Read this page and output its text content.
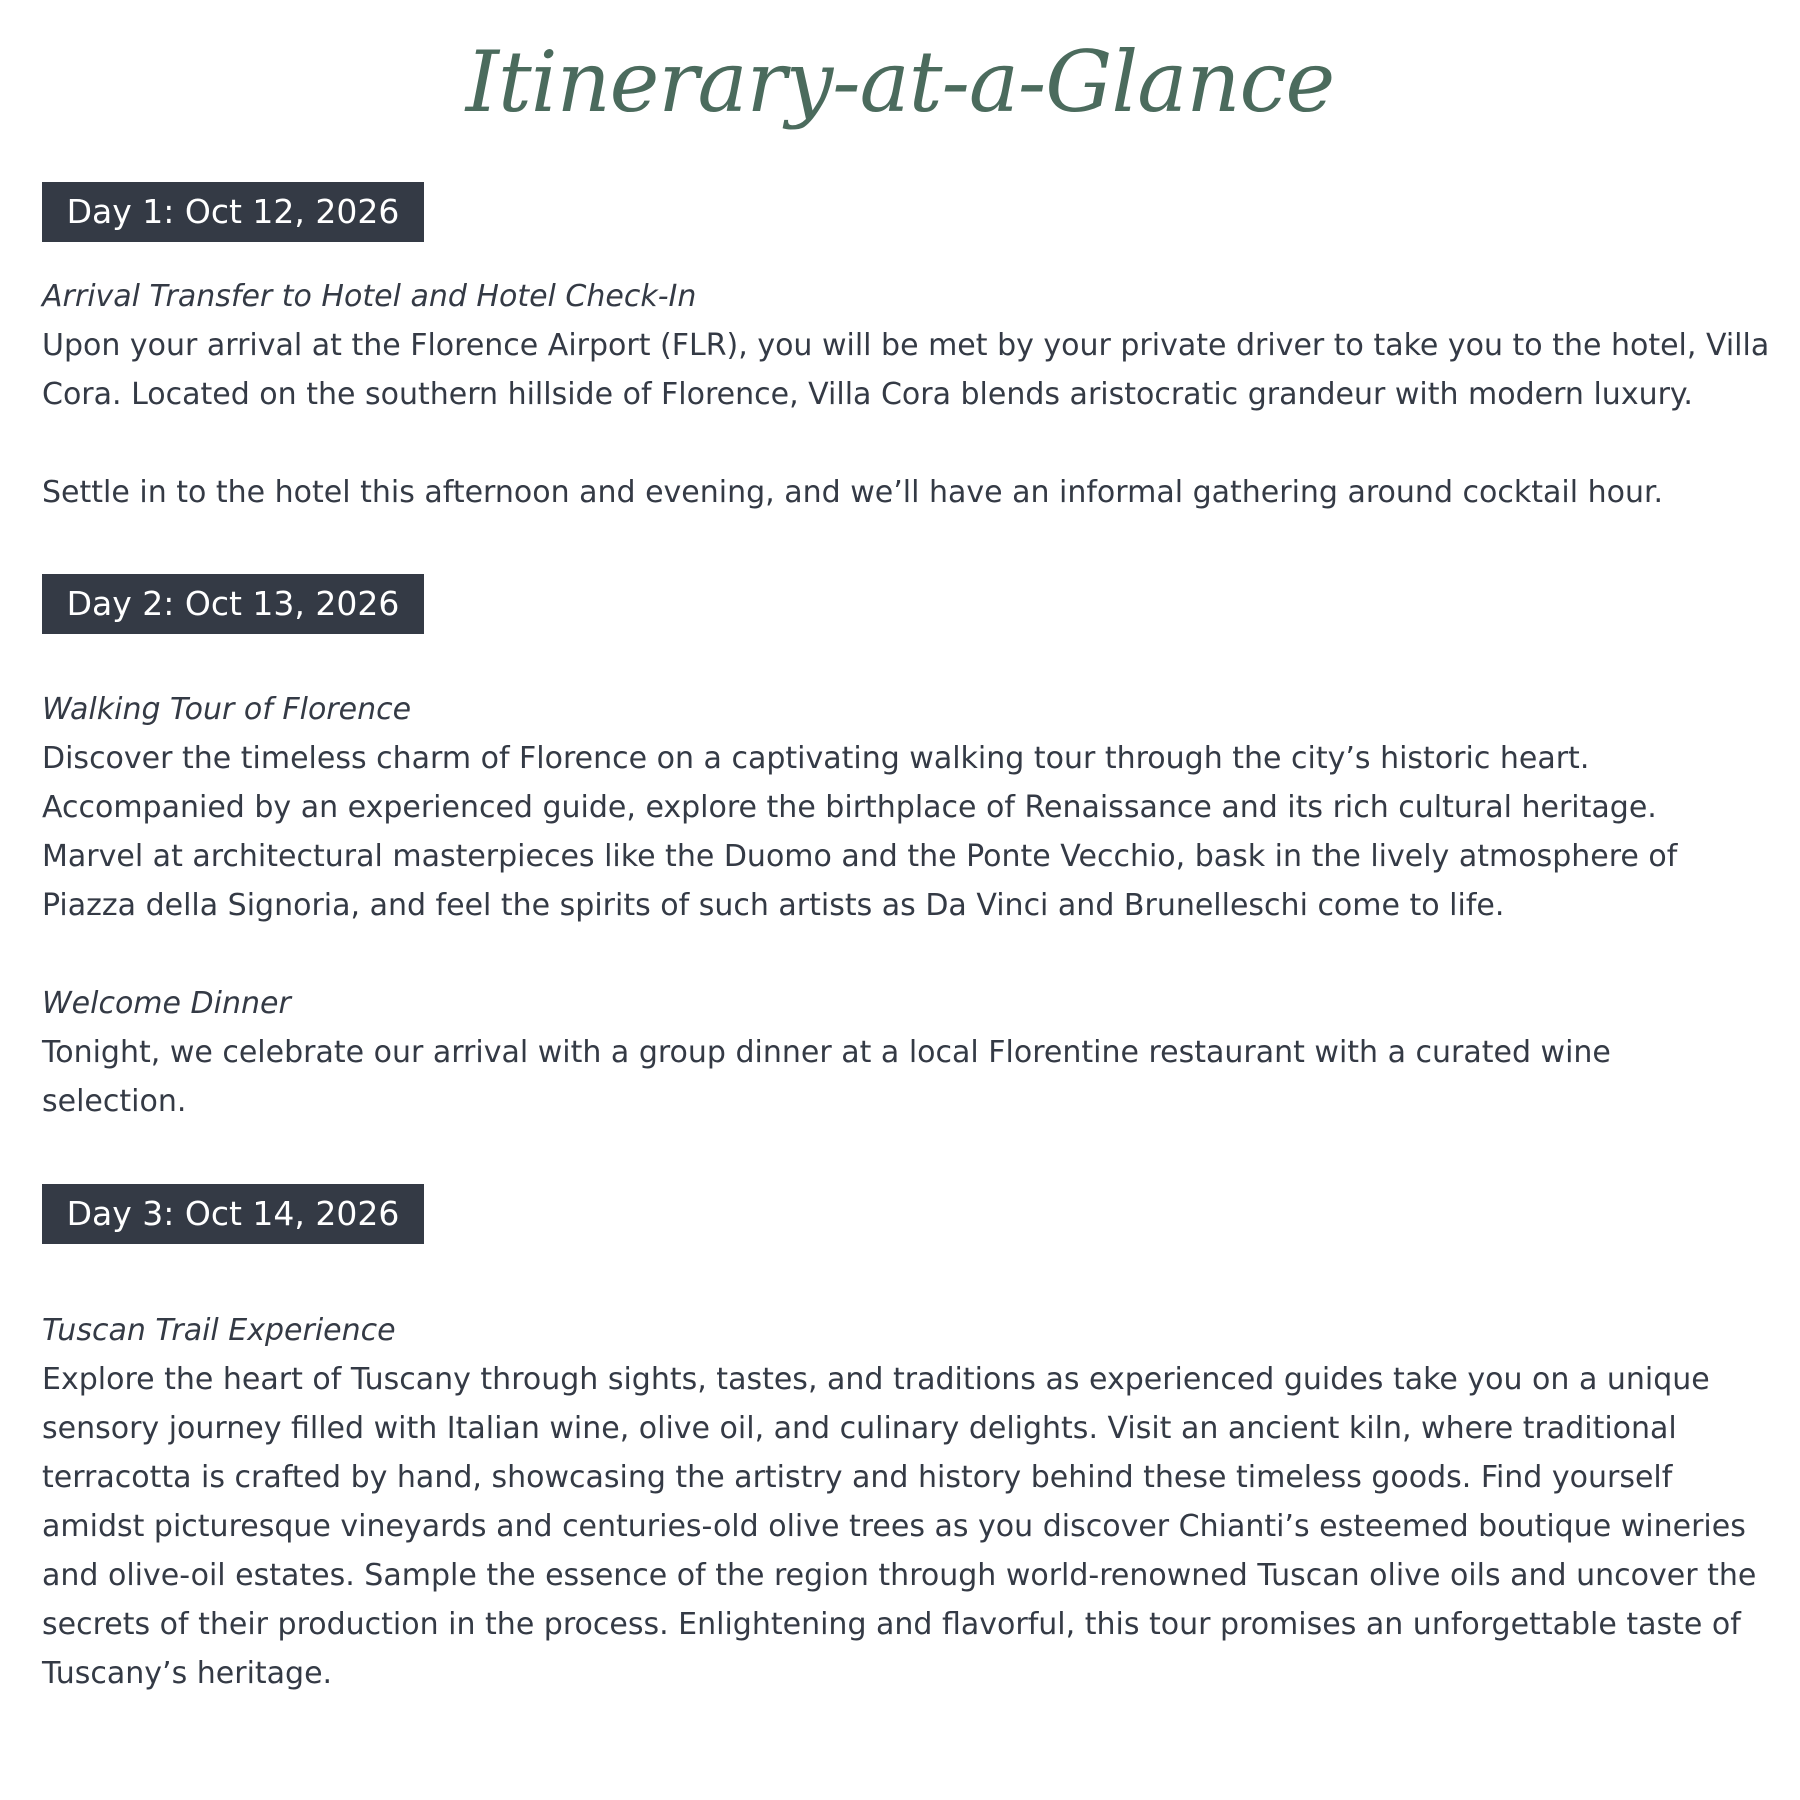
Itinerary-at-a-Glance
Day 1: Oct 12, 2026
Arrival Transfer to Hotel and Hotel Check-In
Upon your arrival at the Florence Airport (FLR), you will be met by your private driver to take you to the hotel, Villa
Cora. Located on the southern hillside of Florence, Villa Cora blends aristocratic grandeur with modern luxury.
Settle in to the hotel this afternoon and evening, and we’ll have an informal gathering around cocktail hour.
Day 2: Oct 13, 2026
Walking Tour of Florence
Discover the timeless charm of Florence on a captivating walking tour through the city’s historic heart.
Accompanied by an experienced guide, explore the birthplace of Renaissance and its rich cultural heritage.
Marvel at architectural masterpieces like the Duomo and the Ponte Vecchio, bask in the lively atmosphere of
Piazza della Signoria, and feel the spirits of such artists as Da Vinci and Brunelleschi come to life.
Welcome Dinner
Tonight, we celebrate our arrival with a group dinner at a local Florentine restaurant with a curated wine
selection.
Day 3: Oct 14, 2026
Tuscan Trail Experience
Explore the heart of Tuscany through sights, tastes, and traditions as experienced guides take you on a unique
sensory journey filled with Italian wine, olive oil, and culinary delights. Visit an ancient kiln, where traditional
terracotta is crafted by hand, showcasing the artistry and history behind these timeless goods. Find yourself
amidst picturesque vineyards and centuries-old olive trees as you discover Chianti’s esteemed boutique wineries
and olive-oil estates. Sample the essence of the region through world-renowned Tuscan olive oils and uncover the
secrets of their production in the process. Enlightening and flavorful, this tour promises an unforgettable taste of
Tuscany’s heritage.
